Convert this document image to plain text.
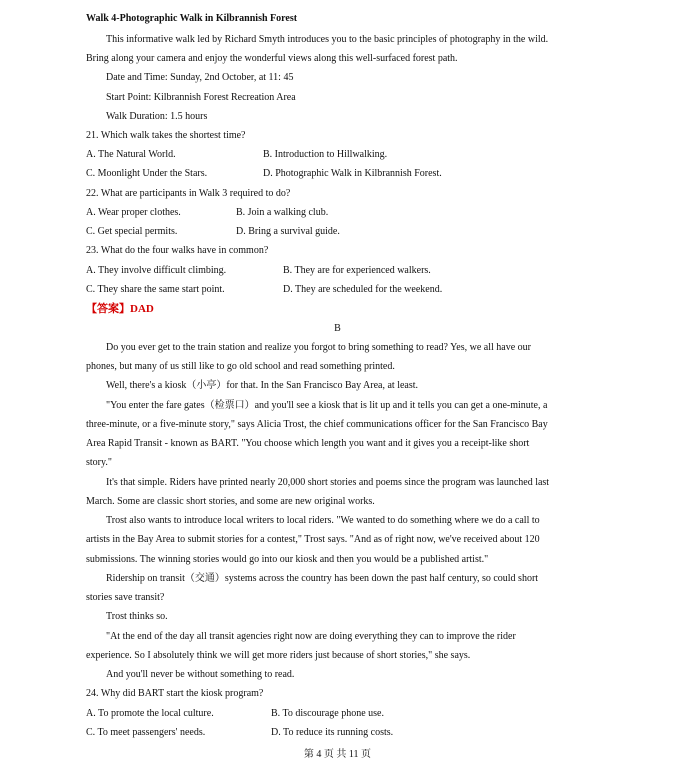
Walk 4-Photographic Walk in Kilbrannish Forest
This informative walk led by Richard Smyth introduces you to the basic principles of photography in the wild.
Bring along your camera and enjoy the wonderful views along this well-surfaced forest path.
Date and Time: Sunday, 2nd October, at 11: 45
Start Point: Kilbrannish Forest Recreation Area
Walk Duration: 1.5 hours
21. Which walk takes the shortest time?
A. The Natural World.	B. Introduction to Hillwalking.
C. Moonlight Under the Stars.	D. Photographic Walk in Kilbrannish Forest.
22. What are participants in Walk 3 required to do?
A. Wear proper clothes.	B. Join a walking club.
C. Get special permits.	D. Bring a survival guide.
23. What do the four walks have in common?
A. They involve difficult climbing.	B. They are for experienced walkers.
C. They share the same start point.	D. They are scheduled for the weekend.
【答案】DAD
B
Do you ever get to the train station and realize you forgot to bring something to read? Yes, we all have our
phones, but many of us still like to go old school and read something printed.
Well, there's a kiosk（小亭）for that. In the San Francisco Bay Area, at least.
"You enter the fare gates（检票口）and you'll see a kiosk that is lit up and it tells you can get a one-minute, a
three-minute, or a five-minute story," says Alicia Trost, the chief communications officer for the San Francisco Bay
Area Rapid Transit - known as BART. "You choose which length you want and it gives you a receipt-like short
story."
It's that simple. Riders have printed nearly 20,000 short stories and poems since the program was launched last
March. Some are classic short stories, and some are new original works.
Trost also wants to introduce local writers to local riders. "We wanted to do something where we do a call to
artists in the Bay Area to submit stories for a contest," Trost says. "And as of right now, we've received about 120
submissions. The winning stories would go into our kiosk and then you would be a published artist."
Ridership on transit（交通）systems across the country has been down the past half century, so could short
stories save transit?
Trost thinks so.
"At the end of the day all transit agencies right now are doing everything they can to improve the rider
experience. So I absolutely think we will get more riders just because of short stories," she says.
And you'll never be without something to read.
24. Why did BART start the kiosk program?
A. To promote the local culture.	B. To discourage phone use.
C. To meet passengers' needs.	D. To reduce its running costs.
第 4 页 共 11 页
